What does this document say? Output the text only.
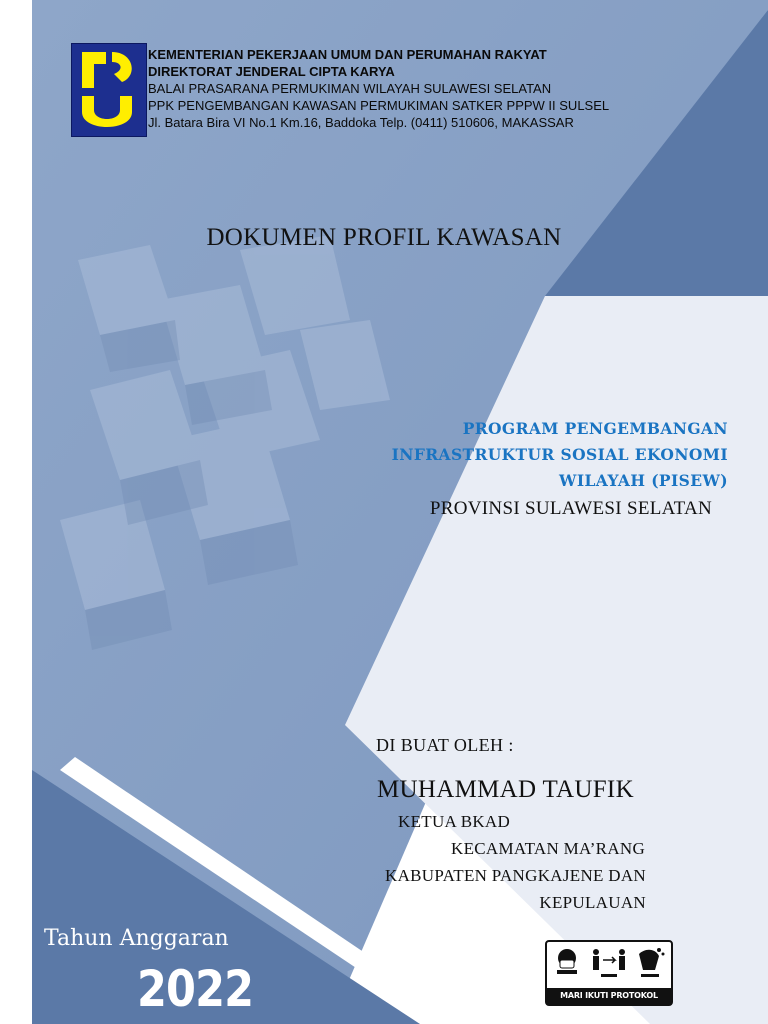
KEMENTERIAN PEKERJAAN UMUM DAN PERUMAHAN RAKYAT
DIREKTORAT JENDERAL CIPTA KARYA
BALAI PRASARANA PERMUKIMAN WILAYAH SULAWESI SELATAN
PPK PENGEMBANGAN KAWASAN PERMUKIMAN SATKER PPPW II SULSEL
Jl. Batara Bira VI No.1 Km.16, Baddoka Telp. (0411) 510606, MAKASSAR
DOKUMEN PROFIL KAWASAN
PROGRAM PENGEMBANGAN
INFRASTRUKTUR SOSIAL EKONOMI
WILAYAH (PISEW)
PROVINSI SULAWESI SELATAN
DI BUAT OLEH :
MUHAMMAD TAUFIK
KETUA BKAD
KECAMATAN MA’RANG
KABUPATEN PANGKAJENE DAN
KEPULAUAN
Tahun Anggaran
2022	MARI IKUTI PROTOKOL COVID19
